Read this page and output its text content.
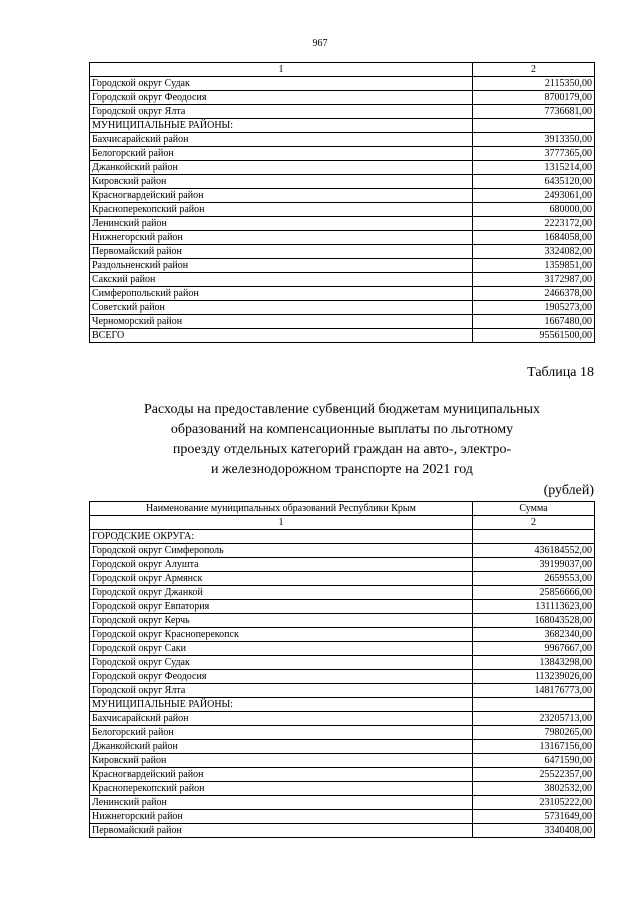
967
1	2
Городской округ Судак	2115350,00
Городской округ Феодосия	8700179,00
Городской округ Ялта	7736681,00
МУНИЦИПАЛЬНЫЕ РАЙОНЫ:	
Бахчисарайский район	3913350,00
Белогорский район	3777365,00
Джанкойский район	1315214,00
Кировский район	6435120,00
Красногвардейский район	2493061,00
Красноперекопский район	680000,00
Ленинский район	2223172,00
Нижнегорский район	1684058,00
Первомайский район	3324082,00
Раздольненский район	1359851,00
Сакский район	3172987,00
Симферопольский район	2466378,00
Советский район	1905273,00
Черноморский район	1667480,00
ВСЕГО	95561500,00
Таблица 18
Расходы на предоставление субвенций бюджетам муниципальных
образований на компенсационные выплаты по льготному
проезду отдельных категорий граждан на авто-, электро-
и железнодорожном транспорте на 2021 год
(рублей)
Наименование муниципальных образований Республики Крым	Сумма
1	2
ГОРОДСКИЕ ОКРУГА:	
Городской округ Симферополь	436184552,00
Городской округ Алушта	39199037,00
Городской округ Армянск	2659553,00
Городской округ Джанкой	25856666,00
Городской округ Евпатория	131113623,00
Городской округ Керчь	168043528,00
Городской округ Красноперекопск	3682340,00
Городской округ Саки	9967667,00
Городской округ Судак	13843298,00
Городской округ Феодосия	113239026,00
Городской округ Ялта	148176773,00
МУНИЦИПАЛЬНЫЕ РАЙОНЫ:	
Бахчисарайский район	23205713,00
Белогорский район	7980265,00
Джанкойский район	13167156,00
Кировский район	6471590,00
Красногвардейский район	25522357,00
Красноперекопский район	3802532,00
Ленинский район	23105222,00
Нижнегорский район	5731649,00
Первомайский район	3340408,00
